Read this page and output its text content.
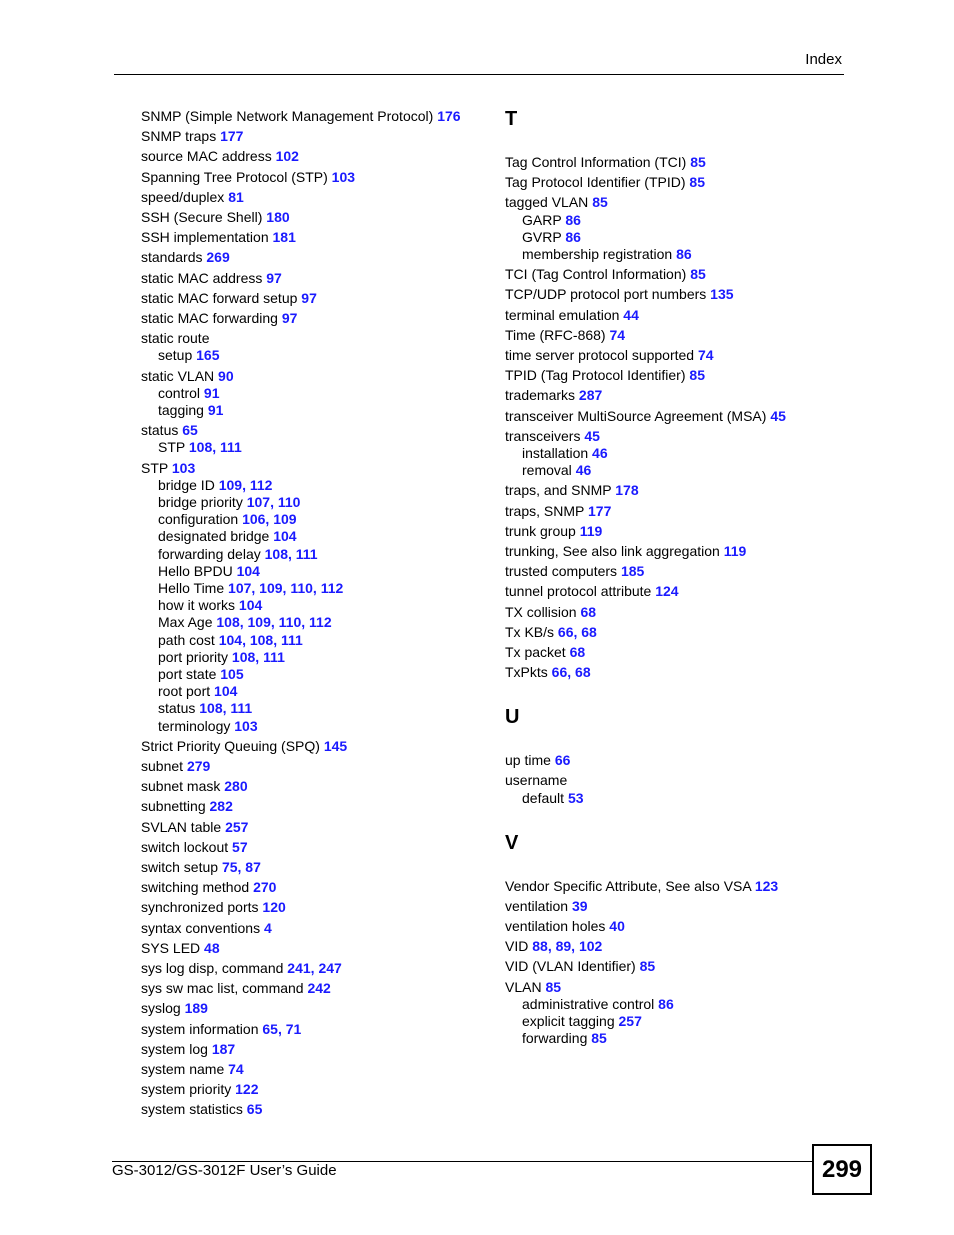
Index
SNMP (Simple Network Management Protocol) 176
SNMP traps 177
source MAC address 102
Spanning Tree Protocol (STP) 103
speed/duplex 81
SSH (Secure Shell) 180
SSH implementation 181
standards 269
static MAC address 97
static MAC forward setup 97
static MAC forwarding 97
static route
setup 165
static VLAN 90
control 91
tagging 91
status 65
STP 108, 111
STP 103
bridge ID 109, 112
bridge priority 107, 110
configuration 106, 109
designated bridge 104
forwarding delay 108, 111
Hello BPDU 104
Hello Time 107, 109, 110, 112
how it works 104
Max Age 108, 109, 110, 112
path cost 104, 108, 111
port priority 108, 111
port state 105
root port 104
status 108, 111
terminology 103
Strict Priority Queuing (SPQ) 145
subnet 279
subnet mask 280
subnetting 282
SVLAN table 257
switch lockout 57
switch setup 75, 87
switching method 270
synchronized ports 120
syntax conventions 4
SYS LED 48
sys log disp, command 241, 247
sys sw mac list, command 242
syslog 189
system information 65, 71
system log 187
system name 74
system priority 122
system statistics 65
T
Tag Control Information (TCI) 85
Tag Protocol Identifier (TPID) 85
tagged VLAN 85
GARP 86
GVRP 86
membership registration 86
TCI (Tag Control Information) 85
TCP/UDP protocol port numbers 135
terminal emulation 44
Time (RFC-868) 74
time server protocol supported 74
TPID (Tag Protocol Identifier) 85
trademarks 287
transceiver MultiSource Agreement (MSA) 45
transceivers 45
installation 46
removal 46
traps, and SNMP 178
traps, SNMP 177
trunk group 119
trunking, See also link aggregation 119
trusted computers 185
tunnel protocol attribute 124
TX collision 68
Tx KB/s 66, 68
Tx packet 68
TxPkts 66, 68
U
up time 66
username
default 53
V
Vendor Specific Attribute, See also VSA 123
ventilation 39
ventilation holes 40
VID 88, 89, 102
VID (VLAN Identifier) 85
VLAN 85
administrative control 86
explicit tagging 257
forwarding 85
GS-3012/GS-3012F User’s Guide	299
